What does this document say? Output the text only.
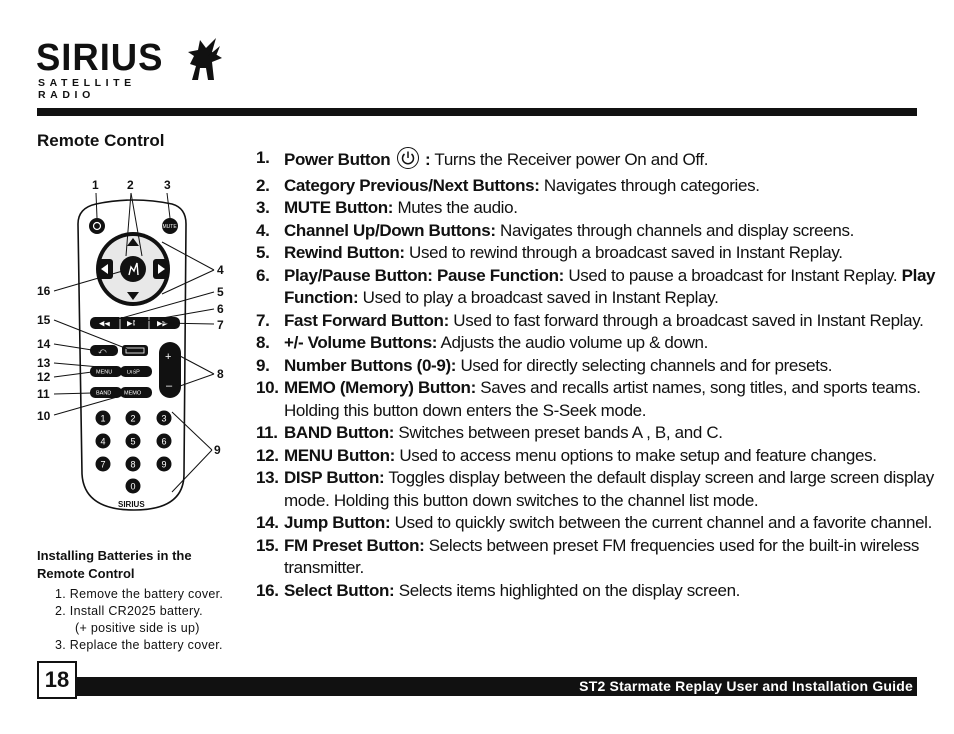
SIRIUS
SATELLITE RADIO
Remote Control
1 2	3
4
5
6
7
8
9
10
11
12
13
14
15
16
MUTE
◀◀ ▶‖	▶▶
⤺
MENU	DISP
BAND MEMO
+
–
1	2	3
4	5	6
7	8	9
0
SIRIUS
Installing Batteries in the
Remote Control
1. Remove the battery cover.
2. Install CR2025 battery.
(+ positive side is up)
3. Replace the battery cover.
1. Power Button
: Turns the Receiver power On and Off.
2. Category Previous/Next Buttons: Navigates through categories.
3. MUTE Button: Mutes the audio.
4. Channel Up/Down Buttons: Navigates through channels and display screens.
5. Rewind Button: Used to rewind through a broadcast saved in Instant Replay.
6. Play/Pause Button: Pause Function: Used to pause a broadcast for Instant Replay. Play Function: Used to play a broadcast saved in Instant Replay.
7. Fast Forward Button: Used to fast forward through a broadcast saved in Instant Replay.
8. +/- Volume Buttons: Adjusts the audio volume up & down.
9. Number Buttons (0-9): Used for directly selecting channels and for presets.
10. MEMO (Memory) Button: Saves and recalls artist names, song titles, and sports teams. Holding this button down enters the S-Seek mode.
11. BAND Button: Switches between preset bands A , B, and C.
12. MENU Button: Used to access menu options to make setup and feature changes.
13. DISP Button: Toggles display between the default display screen and large screen display mode. Holding this button down switches to the channel list mode.
14. Jump Button: Used to quickly switch between the current channel and a favorite channel.
15. FM Preset Button: Selects between preset FM frequencies used for the built-in wireless transmitter.
16. Select Button: Selects items highlighted on the display screen.
ST2 Starmate Replay User and Installation Guide
18
